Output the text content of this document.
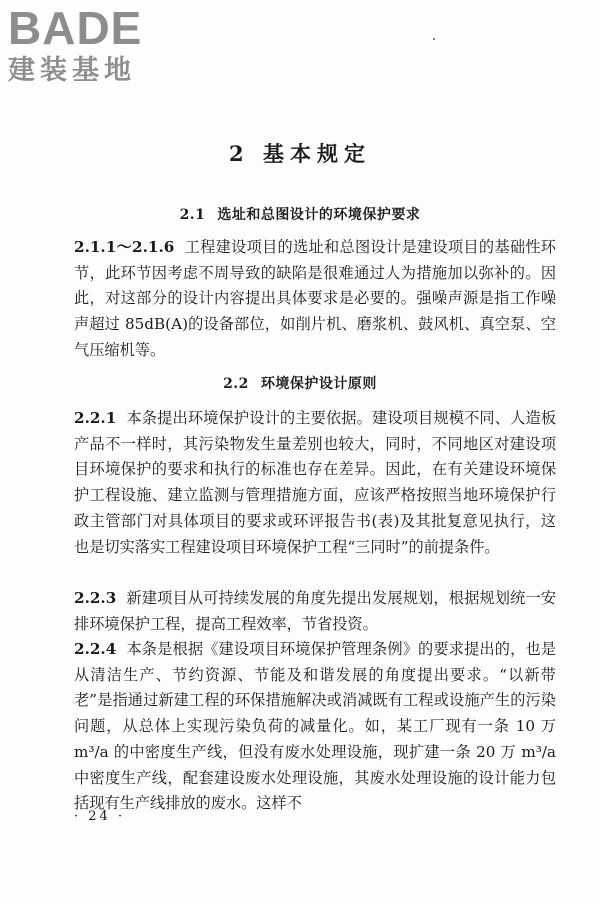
BADE
建装基地
2 基本规定
2.1 选址和总图设计的环境保护要求

2.1.1～2.1.6 工程建设项目的选址和总图设计是建设项目的基础性环节，此环节因考虑不周导致的缺陷是很难通过人为措施加以弥补的。因此，对这部分的设计内容提出具体要求是必要的。强噪声源是指工作噪声超过 85dB(A)的设备部位，如削片机、磨浆机、鼓风机、真空泵、空气压缩机等。

2.2 环境保护设计原则

2.2.1 本条提出环境保护设计的主要依据。建设项目规模不同、人造板产品不一样时，其污染物发生量差别也较大，同时，不同地区对建设项目环境保护的要求和执行的标准也存在差异。因此，在有关建设环境保护工程设施、建立监测与管理措施方面，应该严格按照当地环境保护行政主管部门对具体项目的要求或环评报告书(表)及其批复意见执行，这也是切实落实工程建设项目环境保护工程“三同时”的前提条件。

2.2.3 新建项目从可持续发展的角度先提出发展规划，根据规划统一安排环境保护工程，提高工程效率，节省投资。

2.2.4 本条是根据《建设项目环境保护管理条例》的要求提出的，也是从清洁生产、节约资源、节能及和谐发展的角度提出要求。“以新带老”是指通过新建工程的环保措施解决或消减既有工程或设施产生的污染问题，从总体上实现污染负荷的减量化。如，某工厂现有一条 10 万 m³/a 的中密度生产线，但没有废水处理设施，现扩建一条 20 万 m³/a 中密度生产线，配套建设废水处理设施，其废水处理设施的设计能力包括现有生产线排放的废水。这样不

· 24 ·
